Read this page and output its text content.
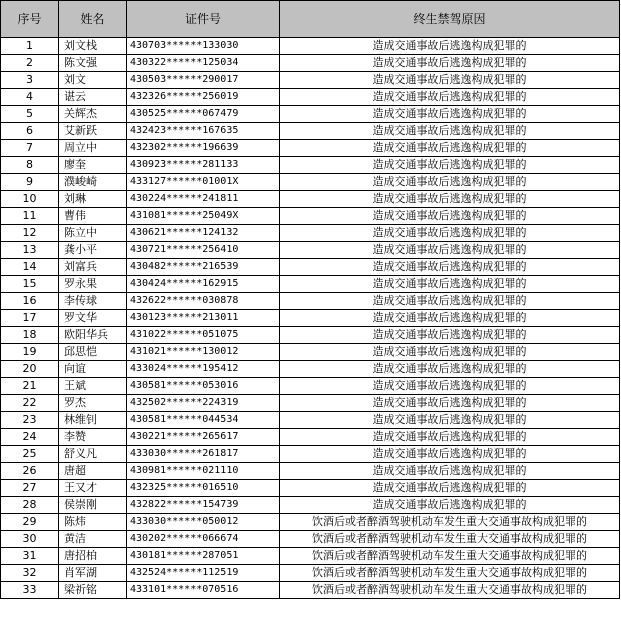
序号	姓名	证件号	终生禁驾原因
1	刘文栈	430703******133030	造成交通事故后逃逸构成犯罪的
2	陈文强	430322******125034	造成交通事故后逃逸构成犯罪的
3	刘文	430503******290017	造成交通事故后逃逸构成犯罪的
4	谌云	432326******256019	造成交通事故后逃逸构成犯罪的
5	关辉杰	430525******067479	造成交通事故后逃逸构成犯罪的
6	艾新跃	432423******167635	造成交通事故后逃逸构成犯罪的
7	周立中	432302******196639	造成交通事故后逃逸构成犯罪的
8	廖奎	430923******281133	造成交通事故后逃逸构成犯罪的
9	濮峻崎	433127******01001X	造成交通事故后逃逸构成犯罪的
10	刘琳	430224******241811	造成交通事故后逃逸构成犯罪的
11	曹伟	431081******25049X	造成交通事故后逃逸构成犯罪的
12	陈立中	430621******124132	造成交通事故后逃逸构成犯罪的
13	龚小平	430721******256410	造成交通事故后逃逸构成犯罪的
14	刘富兵	430482******216539	造成交通事故后逃逸构成犯罪的
15	罗永果	430424******162915	造成交通事故后逃逸构成犯罪的
16	李传球	432622******030878	造成交通事故后逃逸构成犯罪的
17	罗文华	430123******213011	造成交通事故后逃逸构成犯罪的
18	欧阳华兵	431022******051075	造成交通事故后逃逸构成犯罪的
19	邱思恺	431021******130012	造成交通事故后逃逸构成犯罪的
20	向谊	433024******195412	造成交通事故后逃逸构成犯罪的
21	王斌	430581******053016	造成交通事故后逃逸构成犯罪的
22	罗杰	432502******224319	造成交通事故后逃逸构成犯罪的
23	林维钊	430581******044534	造成交通事故后逃逸构成犯罪的
24	李赞	430221******265617	造成交通事故后逃逸构成犯罪的
25	舒义凡	433030******261817	造成交通事故后逃逸构成犯罪的
26	唐超	430981******021110	造成交通事故后逃逸构成犯罪的
27	王又才	432325******016510	造成交通事故后逃逸构成犯罪的
28	侯崇刚	432822******154739	造成交通事故后逃逸构成犯罪的
29	陈炜	433030******050012	饮酒后或者醉酒驾驶机动车发生重大交通事故构成犯罪的
30	黄洁	430202******066674	饮酒后或者醉酒驾驶机动车发生重大交通事故构成犯罪的
31	唐招柏	430181******287051	饮酒后或者醉酒驾驶机动车发生重大交通事故构成犯罪的
32	肖军湖	432524******112519	饮酒后或者醉酒驾驶机动车发生重大交通事故构成犯罪的
33	梁祈铭	433101******070516	饮酒后或者醉酒驾驶机动车发生重大交通事故构成犯罪的
